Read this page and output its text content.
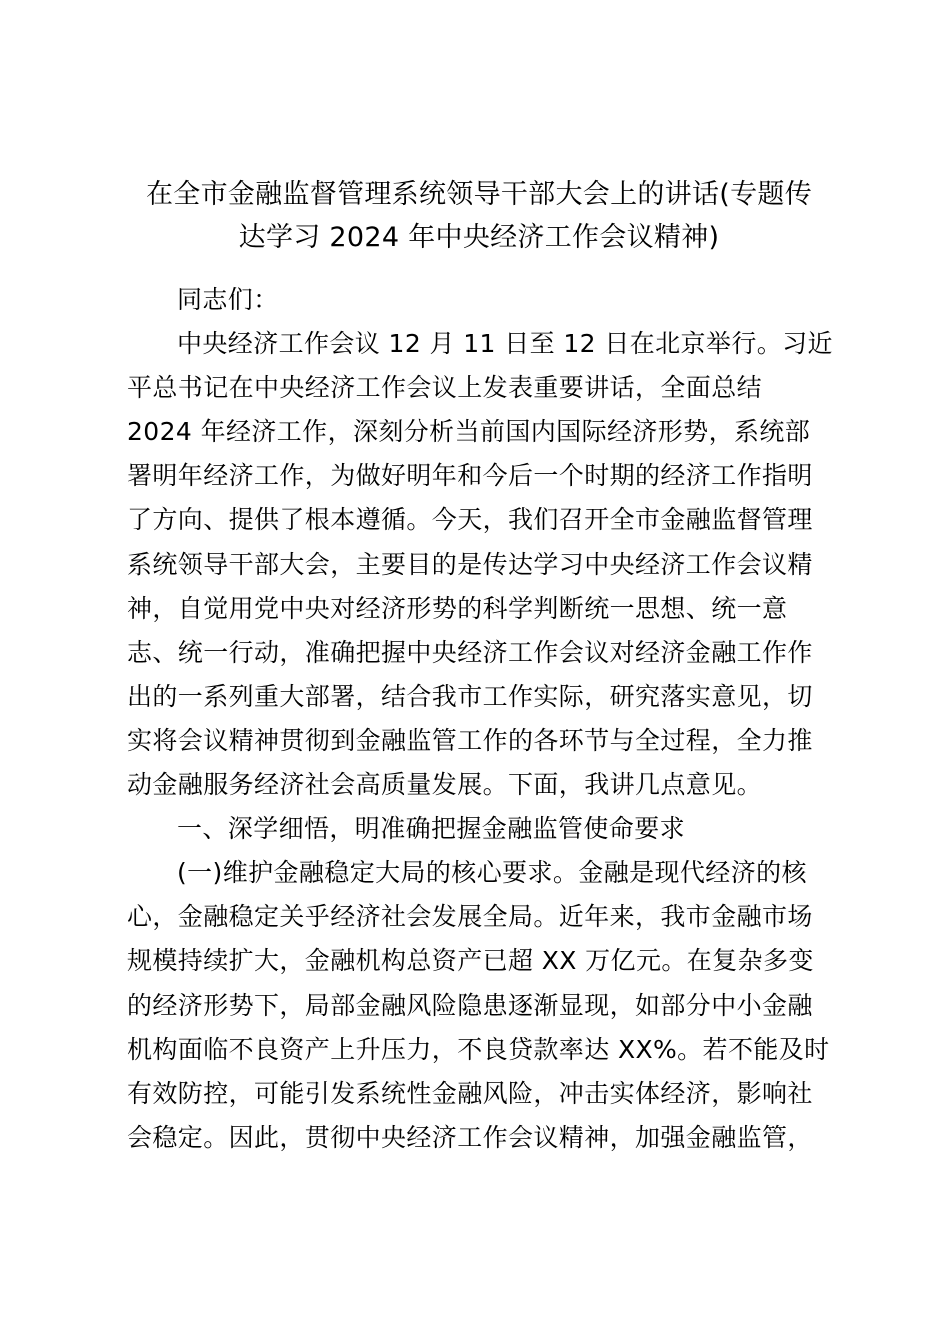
在全市金融监督管理系统领导干部大会上的讲话(专题传
达学习 2024 年中央经济工作会议精神)
同志们：
中央经济工作会议 12 月 11 日至 12 日在北京举行。习近
平总书记在中央经济工作会议上发表重要讲话，全面总结
2024 年经济工作，深刻分析当前国内国际经济形势，系统部
署明年经济工作，为做好明年和今后一个时期的经济工作指明
了方向、提供了根本遵循。今天，我们召开全市金融监督管理
系统领导干部大会，主要目的是传达学习中央经济工作会议精
神，自觉用党中央对经济形势的科学判断统一思想、统一意
志、统一行动，准确把握中央经济工作会议对经济金融工作作
出的一系列重大部署，结合我市工作实际，研究落实意见，切
实将会议精神贯彻到金融监管工作的各环节与全过程，全力推
动金融服务经济社会高质量发展。下面，我讲几点意见。
一、深学细悟，明准确把握金融监管使命要求
(一)维护金融稳定大局的核心要求。金融是现代经济的核
心，金融稳定关乎经济社会发展全局。近年来，我市金融市场
规模持续扩大，金融机构总资产已超 XX 万亿元。在复杂多变
的经济形势下，局部金融风险隐患逐渐显现，如部分中小金融
机构面临不良资产上升压力，不良贷款率达 XX%。若不能及时
有效防控，可能引发系统性金融风险，冲击实体经济，影响社
会稳定。因此，贯彻中央经济工作会议精神，加强金融监管，
